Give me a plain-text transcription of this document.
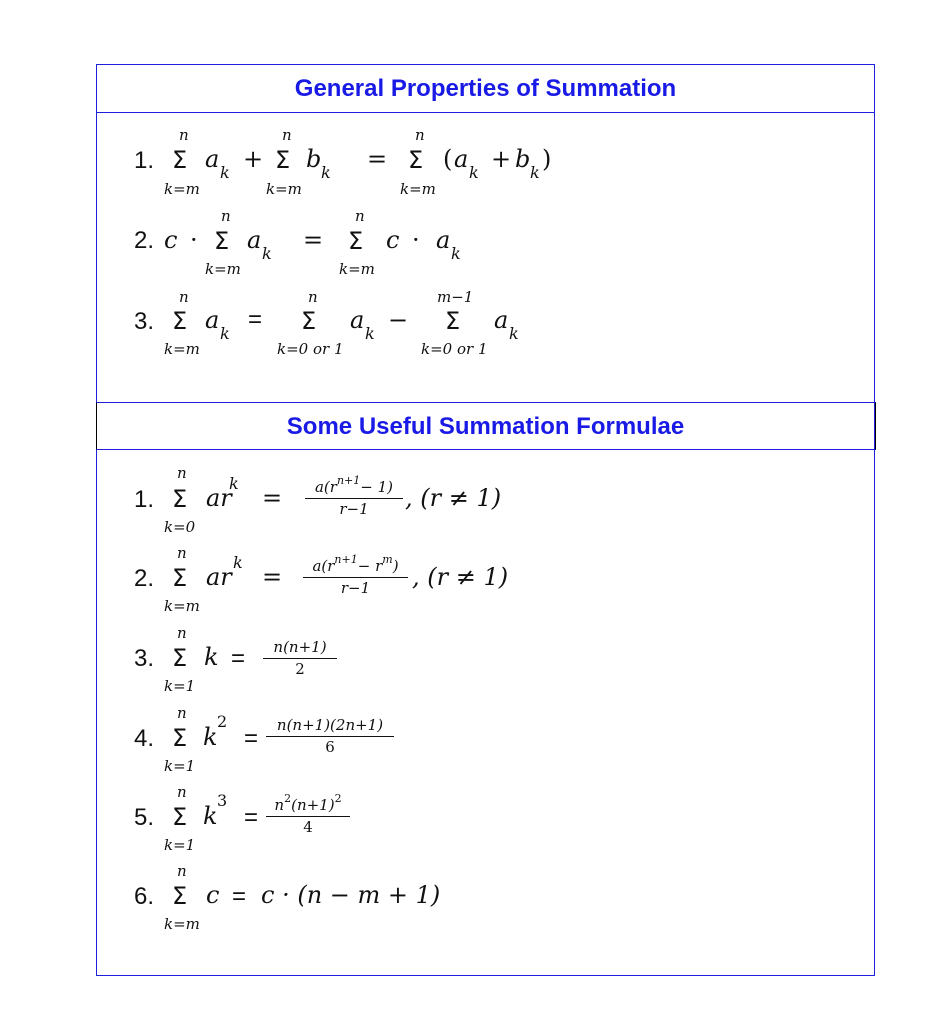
General Properties of Summation
Some Useful Summation Formulae
1.
n
Σ
k=m
a k +
n
Σ
k=m
b k =
n
Σ
k=m
( a k + b k )
2. c ·
n
Σ
k=m
a k =
n
Σ
k=m
c · a k
3.
n
Σ
k=m
a k
=
n
Σ
k=0 or 1
a k −
m−1
Σ
k=0 or 1
a k
1.
n
Σ
k=0
ar
k
= $\frac{a(r^{n+1}- 1)}{r-1}$ , (r ≠ 1)
2.
n
Σ
k=m
ar
k
= $\frac{a(r^{n+1}- r^m)}{r-1}$ , (r ≠ 1)
3.
n
Σ
k=1
$k = \frac{n(n+1)}{2}$
4.
n
Σ
k=1
k
2
= $\frac{n(n+1)(2n+1)}{6}$
5.
n
Σ
k=1
k
3
= $\frac{n^2(n+1)^2}{4}$
6.
n
Σ
k=m
c = c · (n − m + 1)
